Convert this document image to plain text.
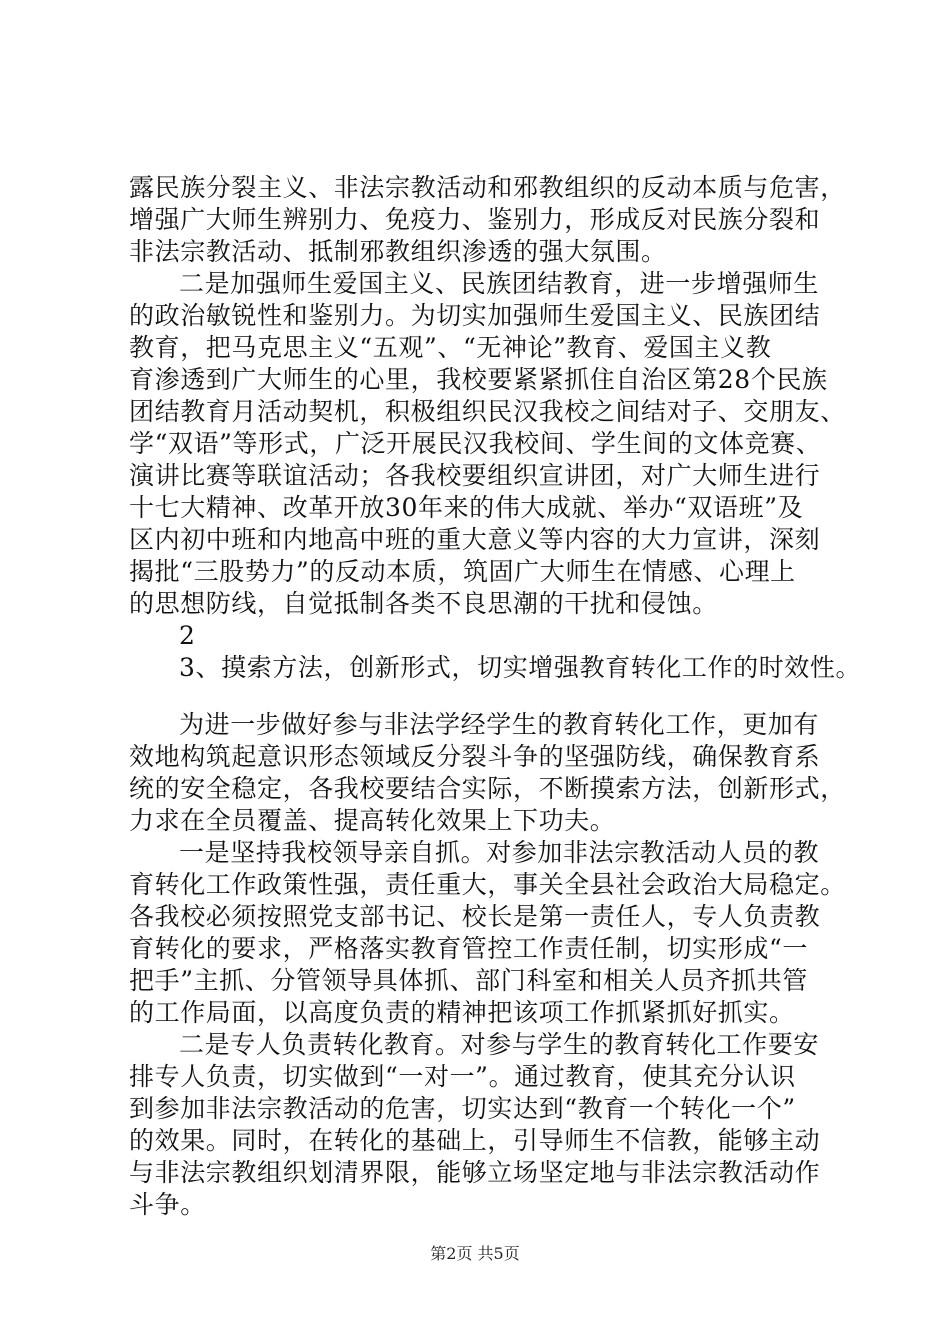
露民族分裂主义、非法宗教活动和邪教组织的反动本质与危害，
增强广大师生辨别力、免疫力、鉴别力，形成反对民族分裂和
非法宗教活动、抵制邪教组织渗透的强大氛围。
二是加强师生爱国主义、民族团结教育，进一步增强师生
的政治敏锐性和鉴别力。为切实加强师生爱国主义、民族团结
教育，把马克思主义“五观”、“无神论”教育、爱国主义教
育渗透到广大师生的心里，我校要紧紧抓住自治区第28个民族
团结教育月活动契机，积极组织民汉我校之间结对子、交朋友、
学“双语”等形式，广泛开展民汉我校间、学生间的文体竞赛、
演讲比赛等联谊活动；各我校要组织宣讲团，对广大师生进行
十七大精神、改革开放30年来的伟大成就、举办“双语班”及
区内初中班和内地高中班的重大意义等内容的大力宣讲，深刻
揭批“三股势力”的反动本质，筑固广大师生在情感、心理上
的思想防线，自觉抵制各类不良思潮的干扰和侵蚀。
2
3、摸索方法，创新形式，切实增强教育转化工作的时效性。
为进一步做好参与非法学经学生的教育转化工作，更加有
效地构筑起意识形态领域反分裂斗争的坚强防线，确保教育系
统的安全稳定，各我校要结合实际，不断摸索方法，创新形式，
力求在全员覆盖、提高转化效果上下功夫。
一是坚持我校领导亲自抓。对参加非法宗教活动人员的教
育转化工作政策性强，责任重大，事关全县社会政治大局稳定。
各我校必须按照党支部书记、校长是第一责任人，专人负责教
育转化的要求，严格落实教育管控工作责任制，切实形成“一
把手”主抓、分管领导具体抓、部门科室和相关人员齐抓共管
的工作局面，以高度负责的精神把该项工作抓紧抓好抓实。
二是专人负责转化教育。对参与学生的教育转化工作要安
排专人负责，切实做到“一对一”。通过教育，使其充分认识
到参加非法宗教活动的危害，切实达到“教育一个转化一个”
的效果。同时，在转化的基础上，引导师生不信教，能够主动
与非法宗教组织划清界限，能够立场坚定地与非法宗教活动作
斗争。
第2页 共5页
